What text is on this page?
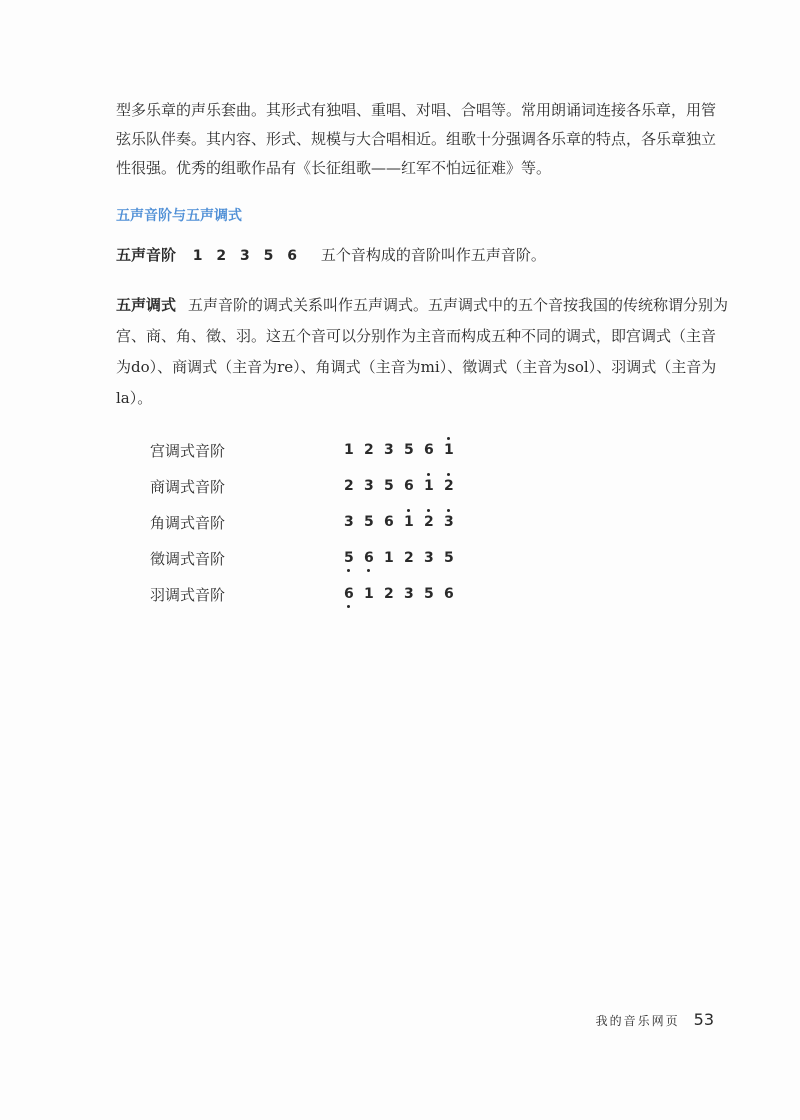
型多乐章的声乐套曲。其形式有独唱、重唱、对唱、合唱等。常用朗诵词连接各乐章，用管弦乐队伴奏。其内容、形式、规模与大合唱相近。组歌十分强调各乐章的特点，各乐章独立性很强。优秀的组歌作品有《长征组歌——红军不怕远征难》等。

五声音阶与五声调式

五声音阶 1 2 3 5 6 五个音构成的音阶叫作五声音阶。

五声调式 五声音阶的调式关系叫作五声调式。五声调式中的五个音按我国的传统称谓分别为宫、商、角、徵、羽。这五个音可以分别作为主音而构成五种不同的调式，即宫调式（主音为do）、商调式（主音为re）、角调式（主音为mi）、徵调式（主音为sol）、羽调式（主音为la）。

宫调式音阶	1 2 3 5 6 1
商调式音阶	2 3 5 6 1 2
角调式音阶	3 5 6 1 2 3
徵调式音阶	5 6 1 2 3 5
羽调式音阶	6 1 2 3 5 6
我的音乐网页 53
